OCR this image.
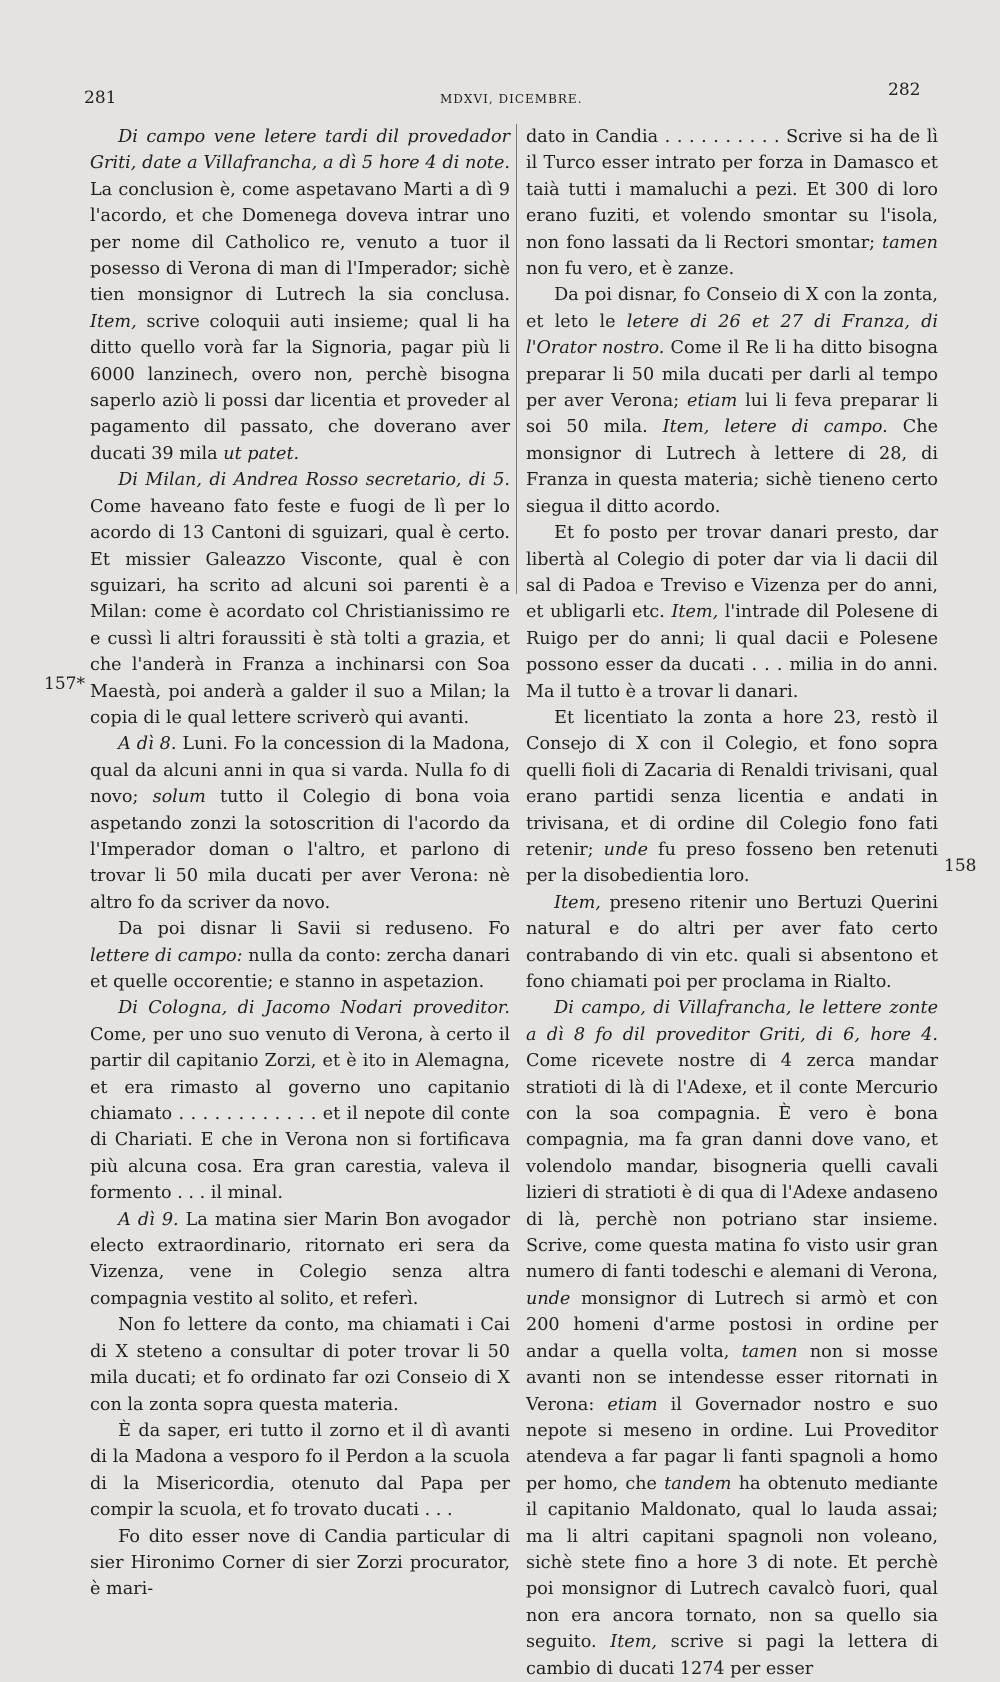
281	MDXVI, DICEMBRE.	282
157*
158

Di campo vene letere tardi dil provedador Griti, date a Villafrancha, a dì 5 hore 4 di note. La conclusion è, come aspetavano Marti a dì 9 l'acordo, et che Domenega doveva intrar uno per nome dil Catholico re, venuto a tuor il posesso di Verona di man di l'Imperador; sichè tien monsignor di Lutrech la sia conclusa. Item, scrive coloquii auti insieme; qual li ha ditto quello vorà far la Signoria, pagar più li 6000 lanzinech, overo non, perchè bisogna saperlo aziò li possi dar licentia et proveder al pagamento dil passato, che doverano aver ducati 39 mila ut patet.

Di Milan, di Andrea Rosso secretario, di 5. Come haveano fato feste e fuogi de lì per lo acordo di 13 Cantoni di sguizari, qual è certo. Et missier Galeazzo Visconte, qual è con sguizari, ha scrito ad alcuni soi parenti è a Milan: come è acordato col Christianissimo re e cussì li altri foraussiti è stà tolti a grazia, et che l'anderà in Franza a inchinarsi con Soa Maestà, poi anderà a galder il suo a Milan; la copia di le qual lettere scriverò qui avanti.

A dì 8. Luni. Fo la concession di la Madona, qual da alcuni anni in qua si varda. Nulla fo di novo; solum tutto il Colegio di bona voia aspetando zonzi la sotoscrition di l'acordo da l'Imperador doman o l'altro, et parlono di trovar li 50 mila ducati per aver Verona: nè altro fo da scriver da novo.

Da poi disnar li Savii si reduseno. Fo lettere di campo: nulla da conto: zercha danari et quelle occorentie; e stanno in aspetazion.

Di Cologna, di Jacomo Nodari proveditor. Come, per uno suo venuto di Verona, à certo il partir dil capitanio Zorzi, et è ito in Alemagna, et era rimasto al governo uno capitanio chiamato . . . . . . . . . . . . et il nepote dil conte di Chariati. E che in Verona non si fortificava più alcuna cosa. Era gran carestia, valeva il formento . . . il minal.

A dì 9. La matina sier Marin Bon avogador electo extraordinario, ritornato eri sera da Vizenza, vene in Colegio senza altra compagnia vestito al solito, et referì.

Non fo lettere da conto, ma chiamati i Cai di X steteno a consultar di poter trovar li 50 mila ducati; et fo ordinato far ozi Conseio di X con la zonta sopra questa materia.

È da saper, eri tutto il zorno et il dì avanti di la Madona a vesporo fo il Perdon a la scuola di la Misericordia, otenuto dal Papa per compir la scuola, et fo trovato ducati . . .

Fo dito esser nove di Candia particular di sier Hironimo Corner di sier Zorzi procurator, è mari-

dato in Candia . . . . . . . . . . Scrive si ha de lì il Turco esser intrato per forza in Damasco et taià tutti i mamaluchi a pezi. Et 300 di loro erano fuziti, et volendo smontar su l'isola, non fono lassati da li Rectori smontar; tamen non fu vero, et è zanze.

Da poi disnar, fo Conseio di X con la zonta, et leto le letere di 26 et 27 di Franza, di l'Orator nostro. Come il Re li ha ditto bisogna preparar li 50 mila ducati per darli al tempo per aver Verona; etiam lui li feva preparar li soi 50 mila. Item, letere di campo. Che monsignor di Lutrech à lettere di 28, di Franza in questa materia; sichè tieneno certo siegua il ditto acordo.

Et fo posto per trovar danari presto, dar libertà al Colegio di poter dar via li dacii dil sal di Padoa e Treviso e Vizenza per do anni, et ubligarli etc. Item, l'intrade dil Polesene di Ruigo per do anni; li qual dacii e Polesene possono esser da ducati . . . milia in do anni. Ma il tutto è a trovar li danari.

Et licentiato la zonta a hore 23, restò il Consejo di X con il Colegio, et fono sopra quelli fioli di Zacaria di Renaldi trivisani, qual erano partidi senza licentia e andati in trivisana, et di ordine dil Colegio fono fati retenir; unde fu preso fosseno ben retenuti per la disobedientia loro.

Item, preseno ritenir uno Bertuzi Querini natural e do altri per aver fato certo contrabando di vin etc. quali si absentono et fono chiamati poi per proclama in Rialto.

Di campo, di Villafrancha, le lettere zonte a dì 8 fo dil proveditor Griti, di 6, hore 4. Come ricevete nostre di 4 zerca mandar stratioti di là di l'Adexe, et il conte Mercurio con la soa compagnia. È vero è bona compagnia, ma fa gran danni dove vano, et volendolo mandar, bisogneria quelli cavali lizieri di stratioti è di qua di l'Adexe andaseno di là, perchè non potriano star insieme. Scrive, come questa matina fo visto usir gran numero di fanti todeschi e alemani di Verona, unde monsignor di Lutrech si armò et con 200 homeni d'arme postosi in ordine per andar a quella volta, tamen non si mosse avanti non se intendesse esser ritornati in Verona: etiam il Governador nostro e suo nepote si meseno in ordine. Lui Proveditor atendeva a far pagar li fanti spagnoli a homo per homo, che tandem ha obtenuto mediante il capitanio Maldonato, qual lo lauda assai; ma li altri capitani spagnoli non voleano, sichè stete fino a hore 3 di note. Et perchè poi monsignor di Lutrech cavalcò fuori, qual non era ancora tornato, non sa quello sia seguito. Item, scrive si pagi la lettera di cambio di ducati 1274 per esser
